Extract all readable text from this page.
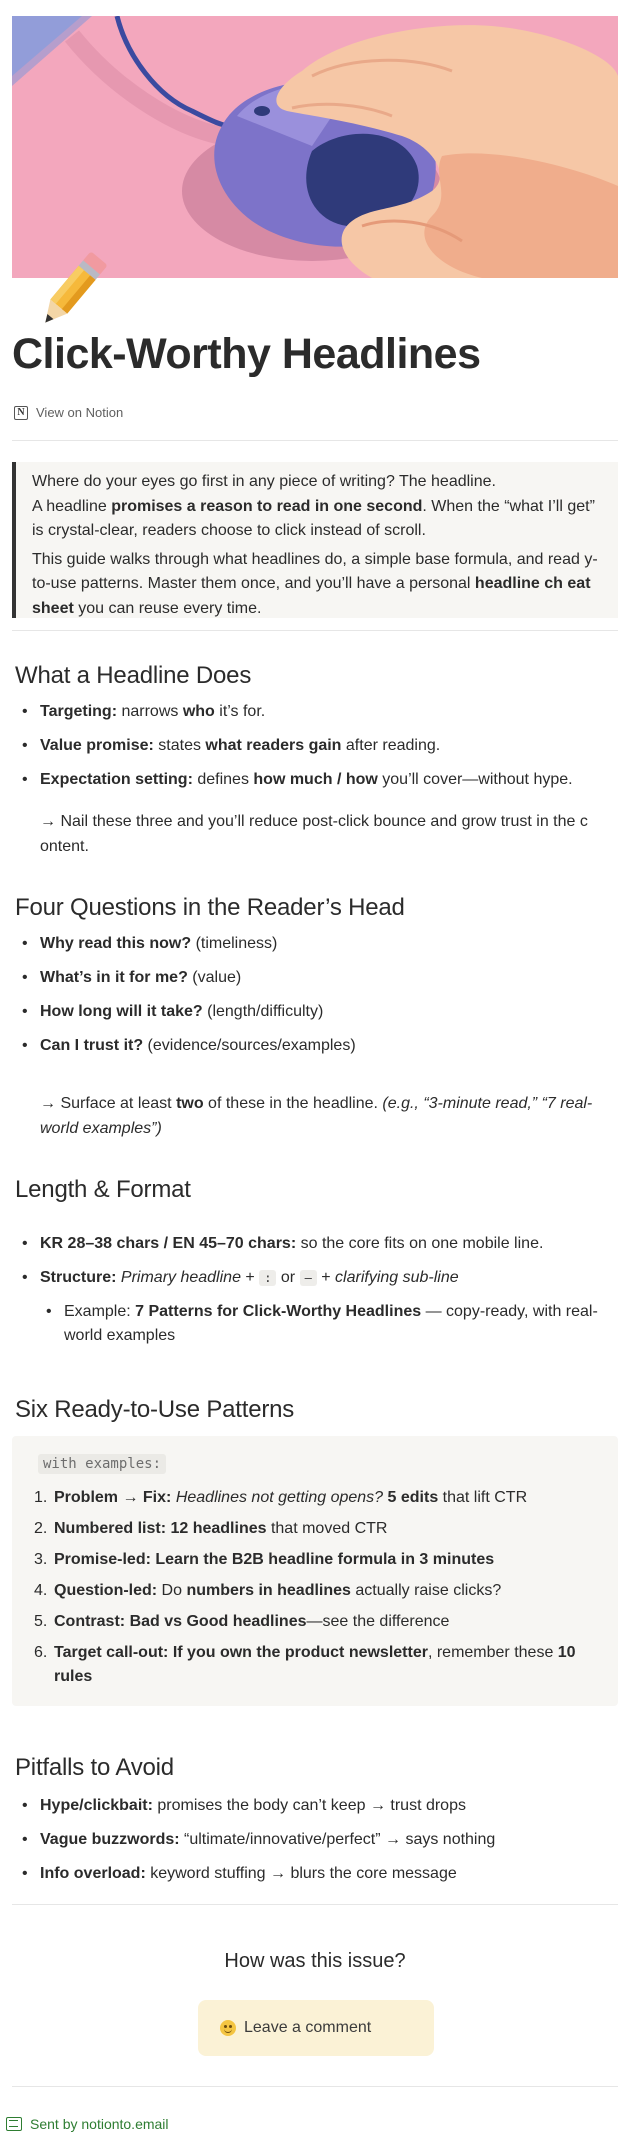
Click-Worthy Headlines
N View on Notion

Where do your eyes go first in any piece of writing? The headline.

A headline promises a reason to read in one second. When the “what I’ll get” is crystal-clear, readers choose to click instead of scroll.

This guide walks through what headlines do, a simple base formula, and read y-to-use patterns. Master them once, and you’ll have a personal headline ch eat sheet you can reuse every time.

What a Headline Does
• Targeting: narrows who it’s for.
• Value promise: states what readers gain after reading.
• Expectation setting: defines how much / how you’ll cover—without hype.

→ Nail these three and you’ll reduce post-click bounce and grow trust in the c ontent.

Four Questions in the Reader’s Head
• Why read this now? (timeliness)
• What’s in it for me? (value)
• How long will it take? (length/difficulty)
• Can I trust it? (evidence/sources/examples)

→ Surface at least two of these in the headline. (e.g., “3-minute read,” “7 real-world examples”)

Length & Format
• KR 28–38 chars / EN 45–70 chars: so the core fits on one mobile line.
• Structure: Primary headline + : or – + clarifying sub-line
• Example: 7 Patterns for Click-Worthy Headlines — copy-ready, with real-world examples
Six Ready-to-Use Patterns
with examples:
1. Problem → Fix: Headlines not getting opens? 5 edits that lift CTR
2. Numbered list: 12 headlines that moved CTR
3. Promise-led: Learn the B2B headline formula in 3 minutes
4. Question-led: Do numbers in headlines actually raise clicks?
5. Contrast: Bad vs Good headlines—see the difference
6. Target call-out: If you own the product newsletter, remember these 10 rules
Pitfalls to Avoid
• Hype/clickbait: promises the body can’t keep → trust drops
• Vague buzzwords: “ultimate/innovative/perfect” → says nothing
• Info overload: keyword stuffing → blurs the core message
How was this issue?
Leave a comment
Sent by notionto.email
